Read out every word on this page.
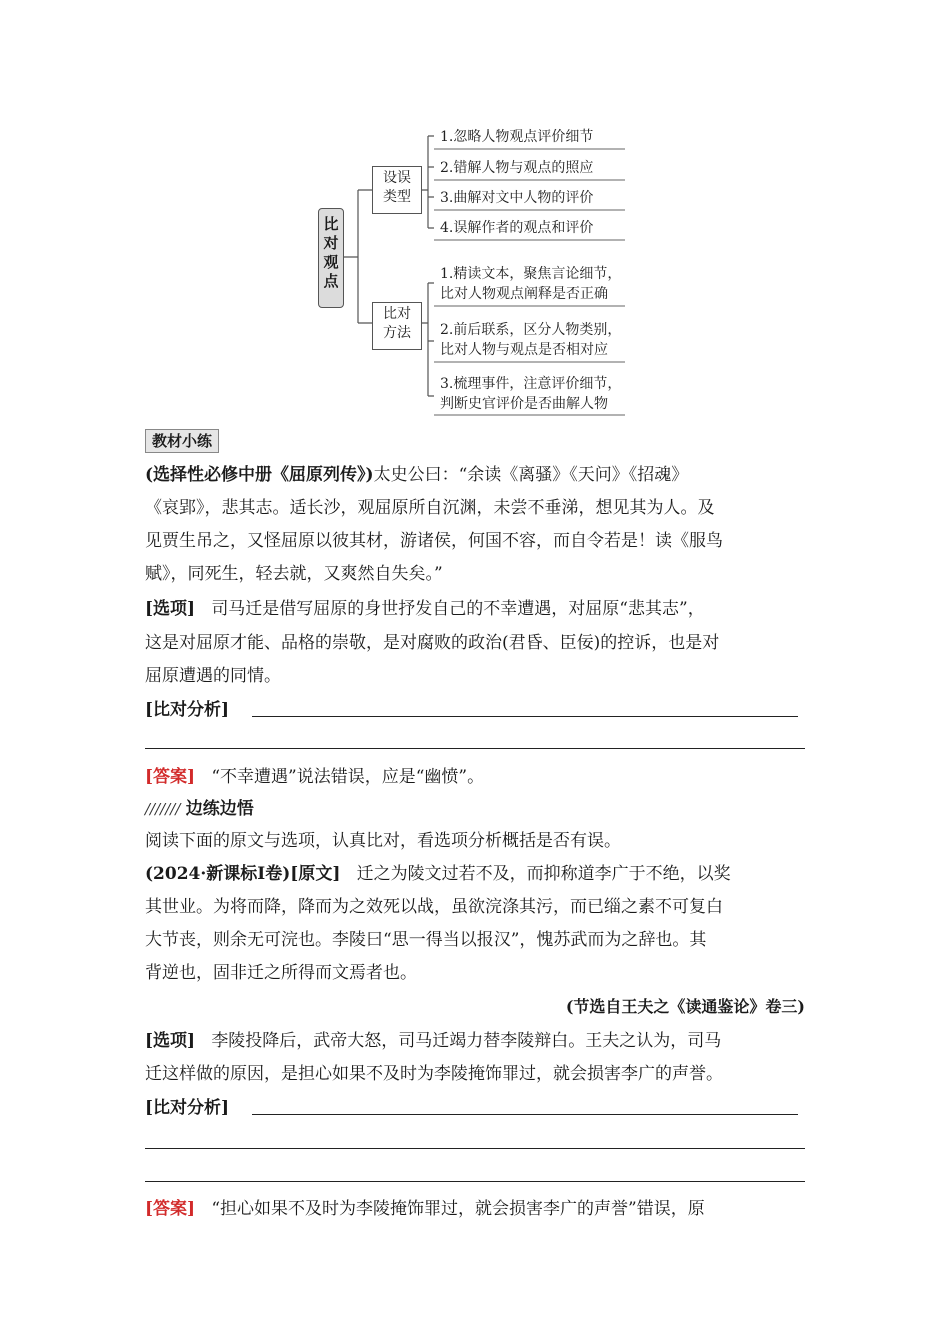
比
对
观
点
设误
类型
比对
方法
1.忽略人物观点评价细节
2.错解人物与观点的照应
3.曲解对文中人物的评价
4.误解作者的观点和评价
1.精读文本，聚焦言论细节，
比对人物观点阐释是否正确
2.前后联系，区分人物类别，
比对人物与观点是否相对应
3.梳理事件，注意评价细节，
判断史官评价是否曲解人物
教材小练
(选择性必修中册《屈原列传》)太史公曰：“余读《离骚》《天问》《招魂》
《哀郢》，悲其志。适长沙，观屈原所自沉渊，未尝不垂涕，想见其为人。及
见贾生吊之，又怪屈原以彼其材，游诸侯，何国不容，而自令若是！读《服鸟
赋》，同死生，轻去就，又爽然自失矣。”
[选项] 司马迁是借写屈原的身世抒发自己的不幸遭遇，对屈原“悲其志”，
这是对屈原才能、品格的崇敬，是对腐败的政治(君昏、臣佞)的控诉，也是对
屈原遭遇的同情。
[比对分析]
[答案] “不幸遭遇”说法错误，应是“幽愤”。
/////// 边练边悟
阅读下面的原文与选项，认真比对，看选项分析概括是否有误。
(2024·新课标Ⅰ卷)[原文] 迁之为陵文过若不及，而抑称道李广于不绝，以奖
其世业。为将而降，降而为之效死以战，虽欲浣涤其污，而已缁之素不可复白
大节丧，则余无可浣也。李陵曰“思一得当以报汉”，愧苏武而为之辞也。其
背逆也，固非迁之所得而文焉者也。
(节选自王夫之《读通鉴论》卷三)
[选项] 李陵投降后，武帝大怒，司马迁竭力替李陵辩白。王夫之认为，司马
迁这样做的原因，是担心如果不及时为李陵掩饰罪过，就会损害李广的声誉。
[比对分析]
[答案] “担心如果不及时为李陵掩饰罪过，就会损害李广的声誉”错误，原
